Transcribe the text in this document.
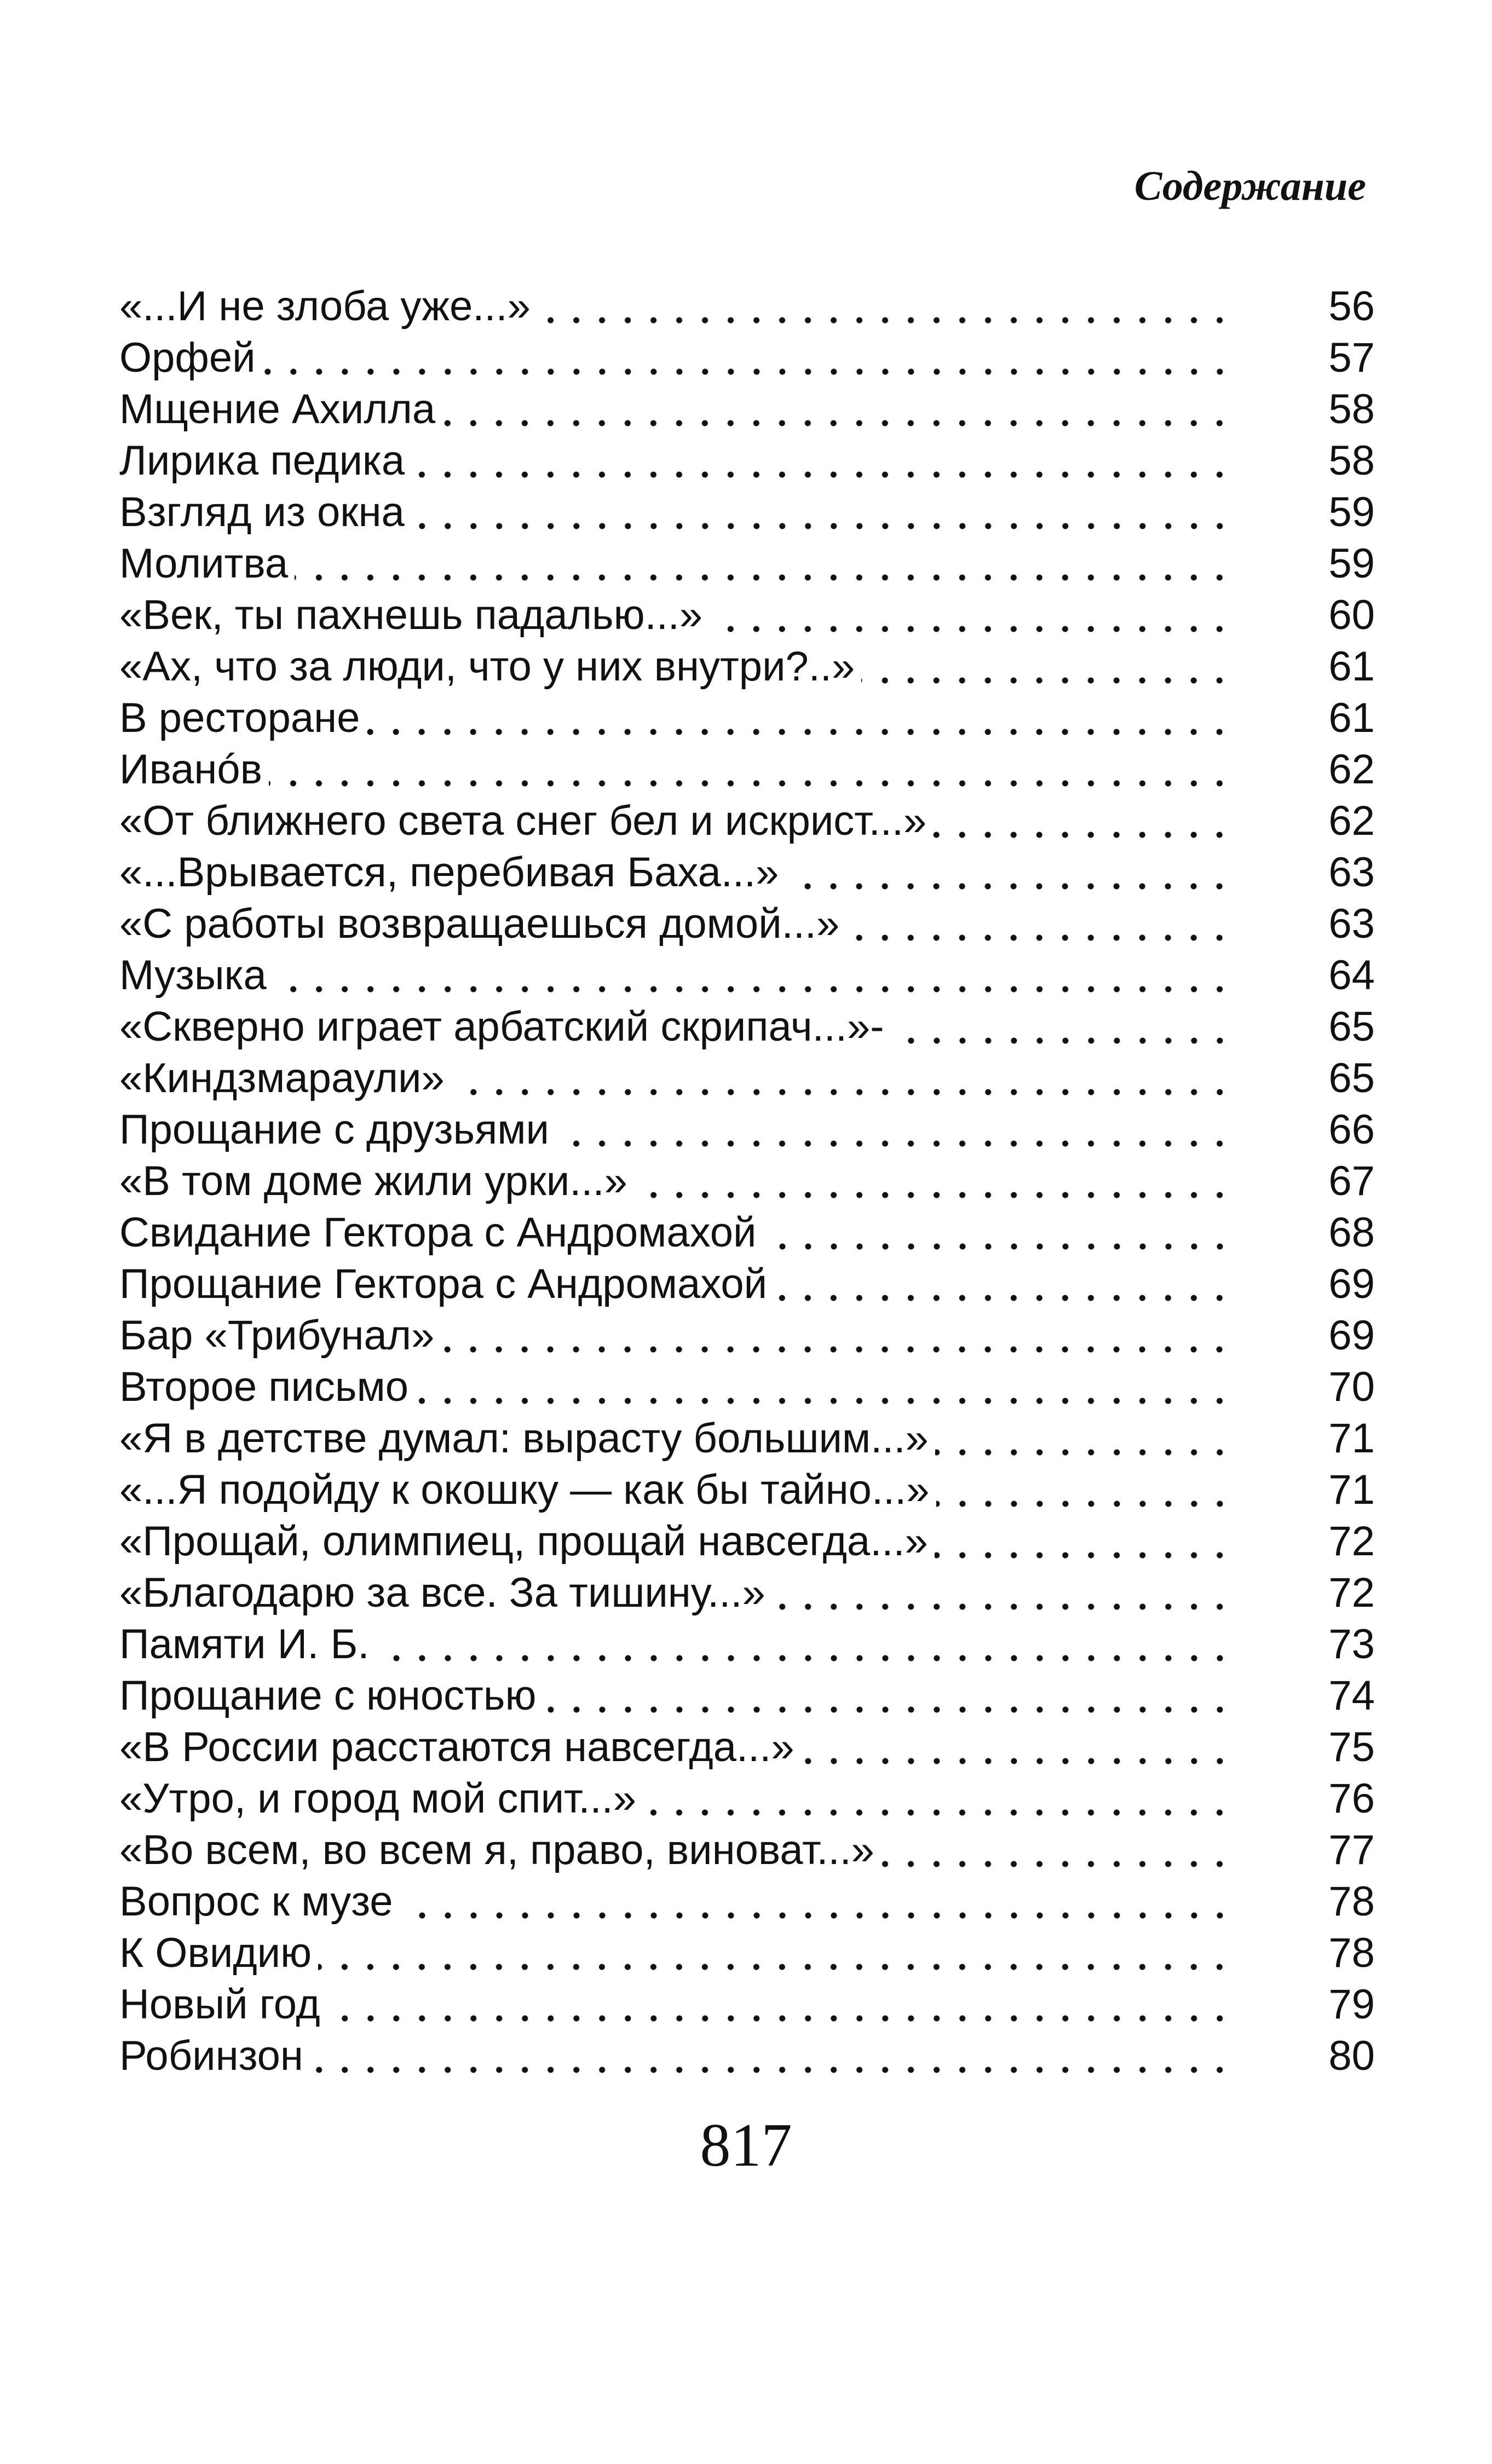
Содержание
«...И не злоба уже...»	56
Орфей	57
Мщение Ахилла	58
Лирика педика	58
Взгляд из окна	59
Молитва	59
«Век, ты пахнешь падалью...»	60
«Ах, что за люди, что у них внутри?..»	61
В ресторане	61
Иванóв	62
«От ближнего света снег бел и искрист...»	62
«...Врывается, перебивая Баха...»	63
«С работы возвращаешься домой...»	63
Музыка	64
«Скверно играет арбатский скрипач...»-	65
«Киндзмараули»	65
Прощание с друзьями	66
«В том доме жили урки...»	67
Свидание Гектора с Андромахой	68
Прощание Гектора с Андромахой	69
Бар «Трибунал»	69
Второе письмо	70
«Я в детстве думал: вырасту большим...»	71
«...Я подойду к окошку — как бы тайно...»	71
«Прощай, олимпиец, прощай навсегда...»	72
«Благодарю за все. За тишину...»	72
Памяти И. Б.	73
Прощание с юностью	74
«В России расстаются навсегда...»	75
«Утро, и город мой спит...»	76
«Во всем, во всем я, право, виноват...»	77
Вопрос к музе	78
К Овидию	78
Новый год	79
Робинзон	80
817
